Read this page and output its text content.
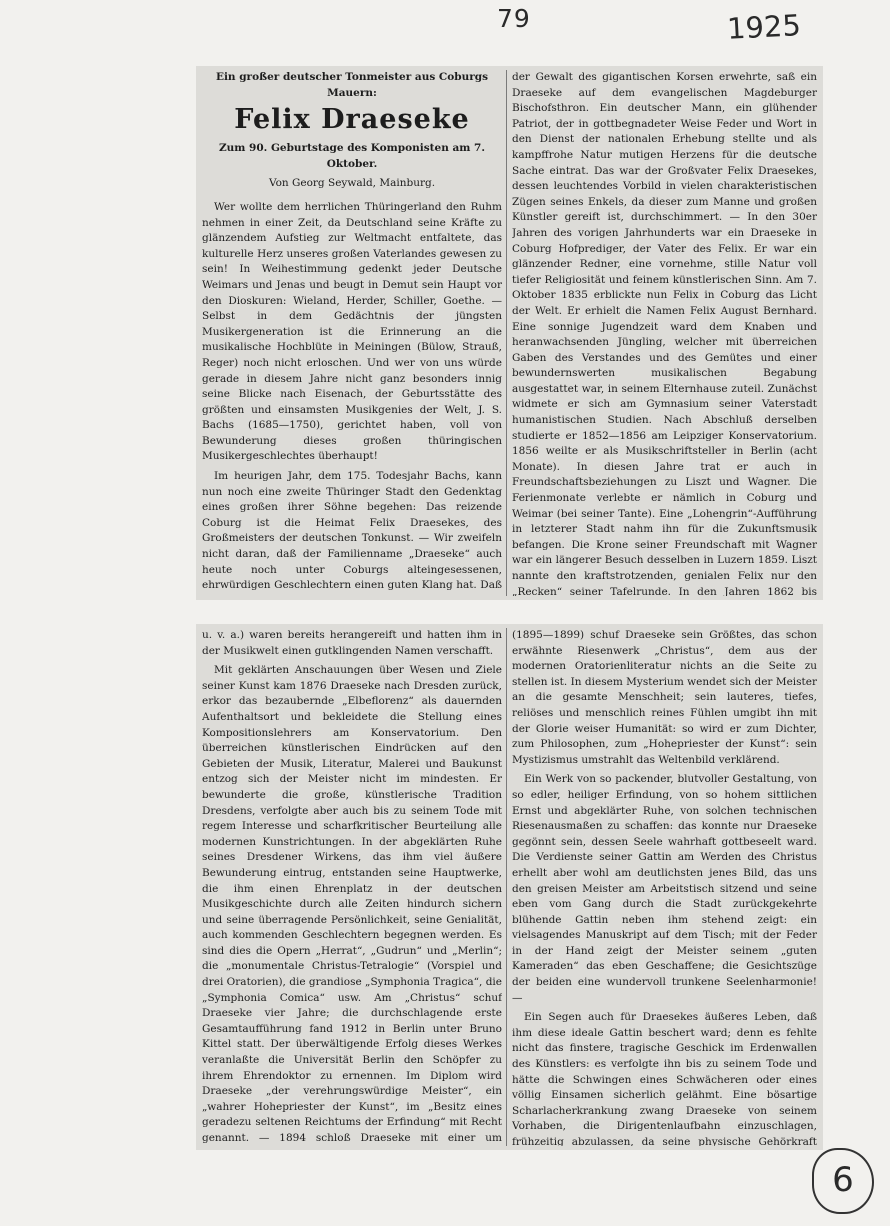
79	1925
6
Ein großer deutscher Tonmeister aus Coburgs Mauern:
Felix Draeseke
Zum 90. Geburtstage des Komponisten am 7. Oktober.
Von Georg Seywald, Mainburg.

Wer wollte dem herrlichen Thüringerland den Ruhm nehmen in einer Zeit, da Deutschland seine Kräfte zu glänzendem Aufstieg zur Weltmacht entfaltete, das kulturelle Herz unseres großen Vaterlandes gewesen zu sein! In Weihestimmung gedenkt jeder Deutsche Weimars und Jenas und beugt in Demut sein Haupt vor den Dioskuren: Wieland, Herder, Schiller, Goethe. — Selbst in dem Gedächtnis der jüngsten Musikergeneration ist die Erinnerung an die musikalische Hochblüte in Meiningen (Bülow, Strauß, Reger) noch nicht erloschen. Und wer von uns würde gerade in diesem Jahre nicht ganz besonders innig seine Blicke nach Eisenach, der Geburtsstätte des größten und einsamsten Musikgenies der Welt, J. S. Bachs (1685—1750), gerichtet haben, voll von Bewunderung dieses großen thüringischen Musikergeschlechtes überhaupt!

Im heurigen Jahr, dem 175. Todesjahr Bachs, kann nun noch eine zweite Thüringer Stadt den Gedenktag eines großen ihrer Söhne begehen: Das reizende Coburg ist die Heimat Felix Draesekes, des Großmeisters der deutschen Tonkunst. — Wir zweifeln nicht daran, daß der Familienname „Draeseke“ auch heute noch unter Coburgs alteingesessenen, ehrwürdigen Geschlechtern einen guten Klang hat. Daß

der Gewalt des gigantischen Korsen erwehrte, saß ein Draeseke auf dem evangelischen Magdeburger Bischofsthron. Ein deutscher Mann, ein glühender Patriot, der in gottbegnadeter Weise Feder und Wort in den Dienst der nationalen Erhebung stellte und als kampffrohe Natur mutigen Herzens für die deutsche Sache eintrat. Das war der Großvater Felix Draesekes, dessen leuchtendes Vorbild in vielen charakteristischen Zügen seines Enkels, da dieser zum Manne und großen Künstler gereift ist, durchschimmert. — In den 30er Jahren des vorigen Jahrhunderts war ein Draeseke in Coburg Hofprediger, der Vater des Felix. Er war ein glänzender Redner, eine vornehme, stille Natur voll tiefer Religiosität und feinem künstlerischen Sinn. Am 7. Oktober 1835 erblickte nun Felix in Coburg das Licht der Welt. Er erhielt die Namen Felix August Bernhard. Eine sonnige Jugendzeit ward dem Knaben und heranwachsenden Jüngling, welcher mit überreichen Gaben des Verstandes und des Gemütes und einer bewundernswerten musikalischen Begabung ausgestattet war, in seinem Elternhause zuteil. Zunächst widmete er sich am Gymnasium seiner Vaterstadt humanistischen Studien. Nach Abschluß derselben studierte er 1852—1856 am Leipziger Konservatorium. 1856 weilte er als Musikschriftsteller in Berlin (acht Monate). In diesen Jahre trat er auch in Freundschaftsbeziehungen zu Liszt und Wagner. Die Ferienmonate verlebte er nämlich in Coburg und Weimar (bei seiner Tante). Eine „Lohengrin“-Aufführung in letzterer Stadt nahm ihn für die Zukunftsmusik befangen. Die Krone seiner Freundschaft mit Wagner war ein längerer Besuch desselben in Luzern 1859. Liszt nannte den kraftstrotzenden, genialen Felix nur den „Recken“ seiner Tafelrunde. In den Jahren 1862 bis

u. v. a.) waren bereits herangereift und hatten ihm in der Musikwelt einen gutklingenden Namen verschafft.

Mit geklärten Anschauungen über Wesen und Ziele seiner Kunst kam 1876 Draeseke nach Dresden zurück, erkor das bezaubernde „Elbeflorenz“ als dauernden Aufenthaltsort und bekleidete die Stellung eines Kompositionslehrers am Konservatorium. Den überreichen künstlerischen Eindrücken auf den Gebieten der Musik, Literatur, Malerei und Baukunst entzog sich der Meister nicht im mindesten. Er bewunderte die große, künstlerische Tradition Dresdens, verfolgte aber auch bis zu seinem Tode mit regem Interesse und scharfkritischer Beurteilung alle modernen Kunstrichtungen. In der abgeklärten Ruhe seines Dresdener Wirkens, das ihm viel äußere Bewunderung eintrug, entstanden seine Hauptwerke, die ihm einen Ehrenplatz in der deutschen Musikgeschichte durch alle Zeiten hindurch sichern und seine überragende Persönlichkeit, seine Genialität, auch kommenden Geschlechtern begegnen werden. Es sind dies die Opern „Herrat“, „Gudrun“ und „Merlin“; die „monumentale Christus-Tetralogie“ (Vorspiel und drei Oratorien), die grandiose „Symphonia Tragica“, die „Symphonia Comica“ usw. Am „Christus“ schuf Draeseke vier Jahre; die durchschlagende erste Gesamtaufführung fand 1912 in Berlin unter Bruno Kittel statt. Der überwältigende Erfolg dieses Werkes veranlaßte die Universität Berlin den Schöpfer zu ihrem Ehrendoktor zu ernennen. Im Diplom wird Draeseke „der verehrungswürdige Meister“, ein „wahrer Hohepriester der Kunst“, im „Besitz eines geradezu seltenen Reichtums der Erfindung“ mit Recht genannt. — 1894 schloß Draeseke mit einer um

(1895—1899) schuf Draeseke sein Größtes, das schon erwähnte Riesenwerk „Christus“, dem aus der modernen Oratorienliteratur nichts an die Seite zu stellen ist. In diesem Mysterium wendet sich der Meister an die gesamte Menschheit; sein lauteres, tiefes, reliöses und menschlich reines Fühlen umgibt ihn mit der Glorie weiser Humanität: so wird er zum Dichter, zum Philosophen, zum „Hohepriester der Kunst“: sein Mystizismus umstrahlt das Weltenbild verklärend.

Ein Werk von so packender, blutvoller Gestaltung, von so edler, heiliger Erfindung, von so hohem sittlichen Ernst und abgeklärter Ruhe, von solchen technischen Riesenausmaßen zu schaffen: das konnte nur Draeseke gegönnt sein, dessen Seele wahrhaft gottbeseelt ward. Die Verdienste seiner Gattin am Werden des Christus erhellt aber wohl am deutlichsten jenes Bild, das uns den greisen Meister am Arbeitstisch sitzend und seine eben vom Gang durch die Stadt zurückgekehrte blühende Gattin neben ihm stehend zeigt: ein vielsagendes Manuskript auf dem Tisch; mit der Feder in der Hand zeigt der Meister seinem „guten Kameraden“ das eben Geschaffene; die Gesichtszüge der beiden eine wundervoll trunkene Seelenharmonie! —

Ein Segen auch für Draesekes äußeres Leben, daß ihm diese ideale Gattin beschert ward; denn es fehlte nicht das finstere, tragische Geschick im Erdenwallen des Künstlers: es verfolgte ihn bis zu seinem Tode und hätte die Schwingen eines Schwächeren oder eines völlig Einsamen sicherlich gelähmt. Eine bösartige Scharlacherkrankung zwang Draeseke von seinem Vorhaben, die Dirigentenlaufbahn einzuschlagen, frühzeitig abzulassen, da seine physische Gehörkraft
